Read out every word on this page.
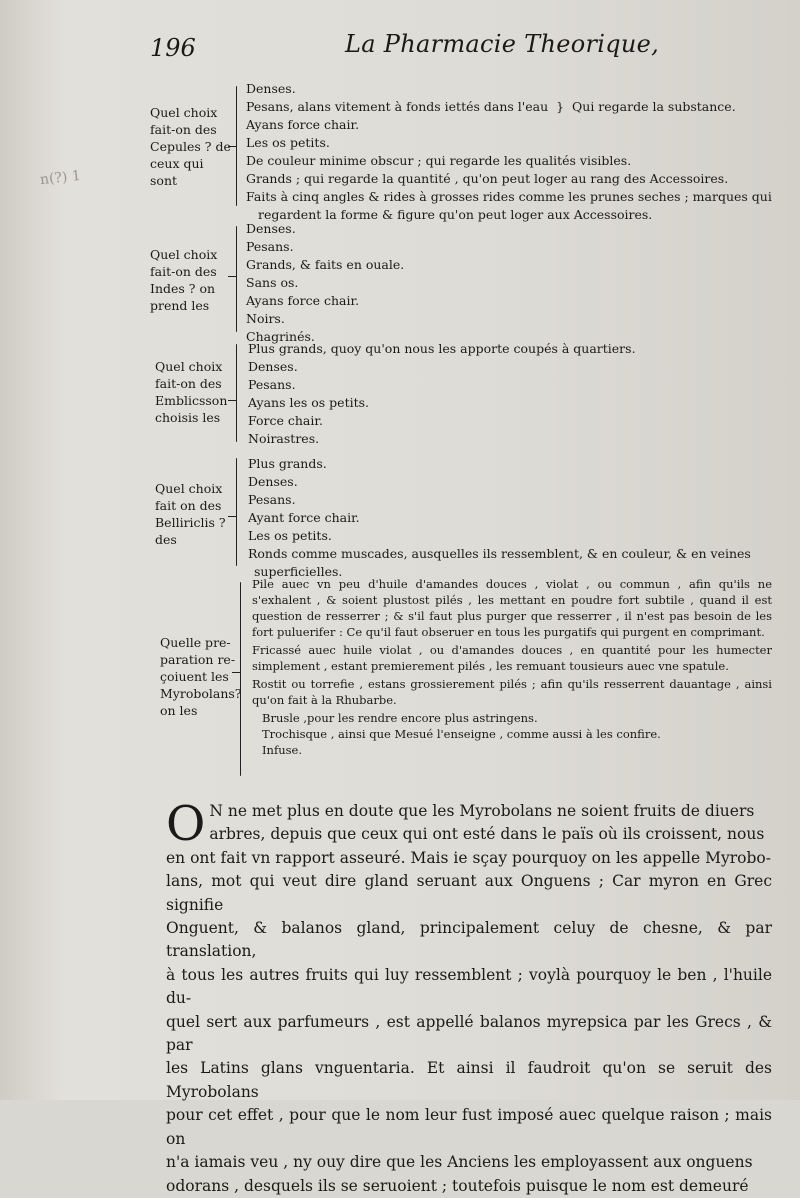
196	La Pharmacie Theorique,
n(?) 1
Quel choix
fait-on des
Cepules ? de
ceux qui
sont
Denses.
Pesans, alans vitement à fonds iettés dans l'eau } Qui regarde la substance.
Ayans force chair.
Les os petits.
De couleur minime obscur ; qui regarde les qualités visibles.
Grands ; qui regarde la quantité , qu'on peut loger au rang des Accessoires.
Faits à cinq angles & rides à grosses rides comme les prunes seches ; marques qui
regardent la forme & figure qu'on peut loger aux Accessoires.
Quel choix
fait-on des
Indes ? on
prend les
Denses.
Pesans.
Grands, & faits en ouale.
Sans os.
Ayans force chair.
Noirs.
Chagrinés.
Quel choix
fait-on des
Emblicsson
choisis les
Plus grands, quoy qu'on nous les apporte coupés à quartiers.
Denses.
Pesans.
Ayans les os petits.
Force chair.
Noirastres.
Quel choix
fait on des
Belliriclis ?
des
Plus grands.
Denses.
Pesans.
Ayant force chair.
Les os petits.
Ronds comme muscades, ausquelles ils ressemblent, & en couleur, & en veines
superficielles.
Quelle pre-
paration re-
çoiuent les
Myrobolans?
on les
Pile auec vn peu d'huile d'amandes douces , violat , ou commun , afin qu'ils ne s'exhalent , & soient plustost pilés , les mettant en poudre fort subtile , quand il est question de resserrer ; & s'il faut plus purger que resserrer , il n'est pas besoin de les fort puluerifer : Ce qu'il faut obseruer en tous les purgatifs qui purgent en comprimant.
Fricassé auec huile violat , ou d'amandes douces , en quantité pour les humecter simplement , estant premierement pilés , les remuant tousieurs auec vne spatule.
Rostit ou torrefie , estans grossierement pilés ; afin qu'ils resserrent dauantage , ainsi qu'on fait à la Rhubarbe.
Brusle ,pour les rendre encore plus astringens.
Trochisque , ainsi que Mesué l'enseigne , comme aussi à les confire.
Infuse.
O N ne met plus en doute que les Myrobolans ne soient fruits de diuers

arbres, depuis que ceux qui ont esté dans le païs où ils croissent, nous

en ont fait vn rapport asseuré. Mais ie sçay pourquoy on les appelle Myrobo-

lans, mot qui veut dire gland seruant aux Onguens ; Car myron en Grec signifie

Onguent, & balanos gland, principalement celuy de chesne, & par translation,

à tous les autres fruits qui luy ressemblent ; voylà pourquoy le ben , l'huile du-

quel sert aux parfumeurs , est appellé balanos myrepsica par les Grecs , & par

les Latins glans vnguentaria. Et ainsi il faudroit qu'on se seruit des Myrobolans

pour cet effet , pour que le nom leur fust imposé auec quelque raison ; mais on

n'a iamais veu , ny ouy dire que les Anciens les employassent aux onguens

odorans , desquels ils se seruoient ; toutefois puisque le nom est demeuré
